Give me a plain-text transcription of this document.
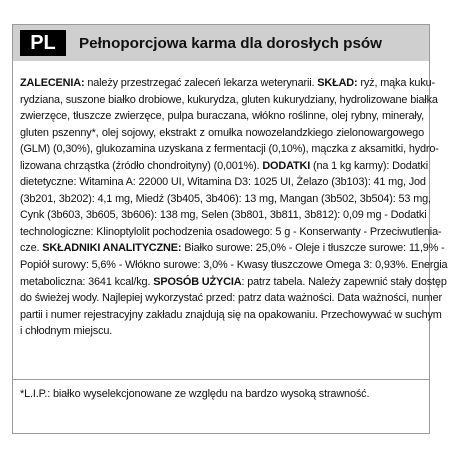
PL	Pełnoporcjowa karma dla dorosłych psów

ZALECENIA: należy przestrzegać zaleceń lekarza weterynarii. SKŁAD: ryż, mąka kuku-

rydziana, suszone białko drobiowe, kukurydza, gluten kukurydziany, hydrolizowane białka

zwierzęce, tłuszcze zwierzęce, pulpa buraczana, włókno roślinne, olej rybny, minerały,

gluten pszenny*, olej sojowy, ekstrakt z omułka nowozelandzkiego zielonowargowego

(GLM) (0,30%), glukozamina uzyskana z fermentacji (0,10%), mączka z aksamitki, hydro-

lizowana chrząstka (źródło chondroityny) (0,001%). DODATKI (na 1 kg karmy): Dodatki

dietetyczne: Witamina A: 22000 UI, Witamina D3: 1025 UI, Żelazo (3b103): 41 mg, Jod

(3b201, 3b202): 4,1 mg, Miedź (3b405, 3b406): 13 mg, Mangan (3b502, 3b504): 53 mg,

Cynk (3b603, 3b605, 3b606): 138 mg, Selen (3b801, 3b811, 3b812): 0,09 mg - Dodatki

technologiczne: Klinoptylolit pochodzenia osadowego: 5 g - Konserwanty - Przeciwutlenia-

cze. SKŁADNIKI ANALITYCZNE: Białko surowe: 25,0% - Oleje i tłuszcze surowe: 11,9% -

Popiół surowy: 5,6% - Włókno surowe: 3,0% - Kwasy tłuszczowe Omega 3: 0,93%. Energia

metaboliczna: 3641 kcal/kg. SPOSÓB UŻYCIA: patrz tabela. Należy zapewnić stały dostęp

do świeżej wody. Najlepiej wykorzystać przed: patrz data ważności. Data ważności, numer

partii i numer rejestracyjny zakładu znajdują się na opakowaniu. Przechowywać w suchym

i chłodnym miejscu.

*L.I.P.: białko wyselekcjonowane ze względu na bardzo wysoką strawność.
